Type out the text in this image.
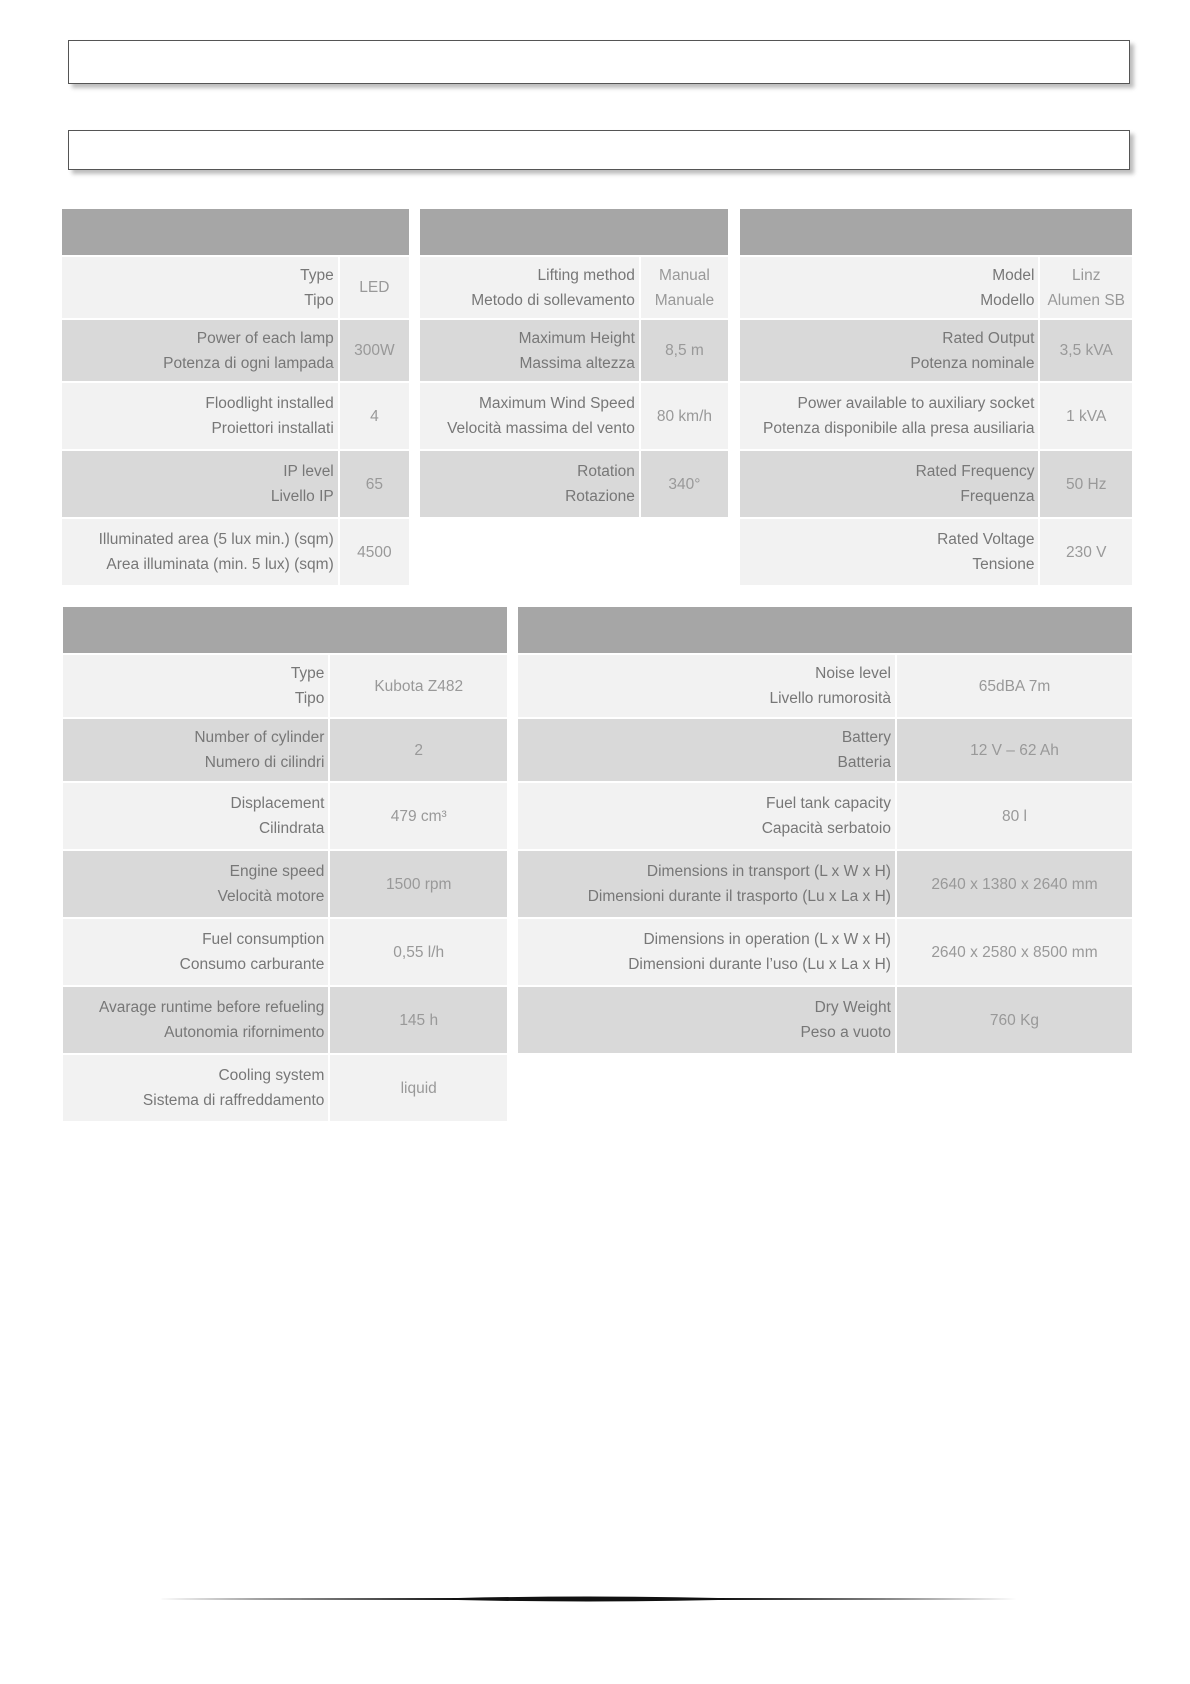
Type
Tipo	LED

Power of each lamp
Potenza di ogni lampada	300W

Floodlight installed
Proiettori installati	4

IP level
Livello IP	65

Illuminated area (5 lux min.) (sqm)
Area illuminata (min. 5 lux) (sqm)	4500

Lifting method
Metodo di sollevamento	Manual
Manuale

Maximum Height
Massima altezza	8,5 m

Maximum Wind Speed
Velocità massima del vento	80 km/h

Rotation
Rotazione	340°

Model
Modello	Linz
Alumen SB

Rated Output
Potenza nominale	3,5 kVA

Power available to auxiliary socket
Potenza disponibile alla presa ausiliaria	1 kVA

Rated Frequency
Frequenza	50 Hz

Rated Voltage
Tensione	230 V

Type
Tipo	Kubota Z482

Number of cylinder
Numero di cilindri	2

Displacement
Cilindrata	479 cm³

Engine speed
Velocità motore	1500 rpm

Fuel consumption
Consumo carburante	0,55 l/h

Avarage runtime before refueling
Autonomia rifornimento	145 h

Cooling system
Sistema di raffreddamento	liquid

Noise level
Livello rumorosità	65dBA 7m

Battery
Batteria	12 V – 62 Ah

Fuel tank capacity
Capacità serbatoio	80 l

Dimensions in transport (L x W x H)
Dimensioni durante il trasporto (Lu x La x H)	2640 x 1380 x 2640 mm

Dimensions in operation (L x W x H)
Dimensioni durante l’uso (Lu x La x H)	2640 x 2580 x 8500 mm

Dry Weight
Peso a vuoto	760 Kg
